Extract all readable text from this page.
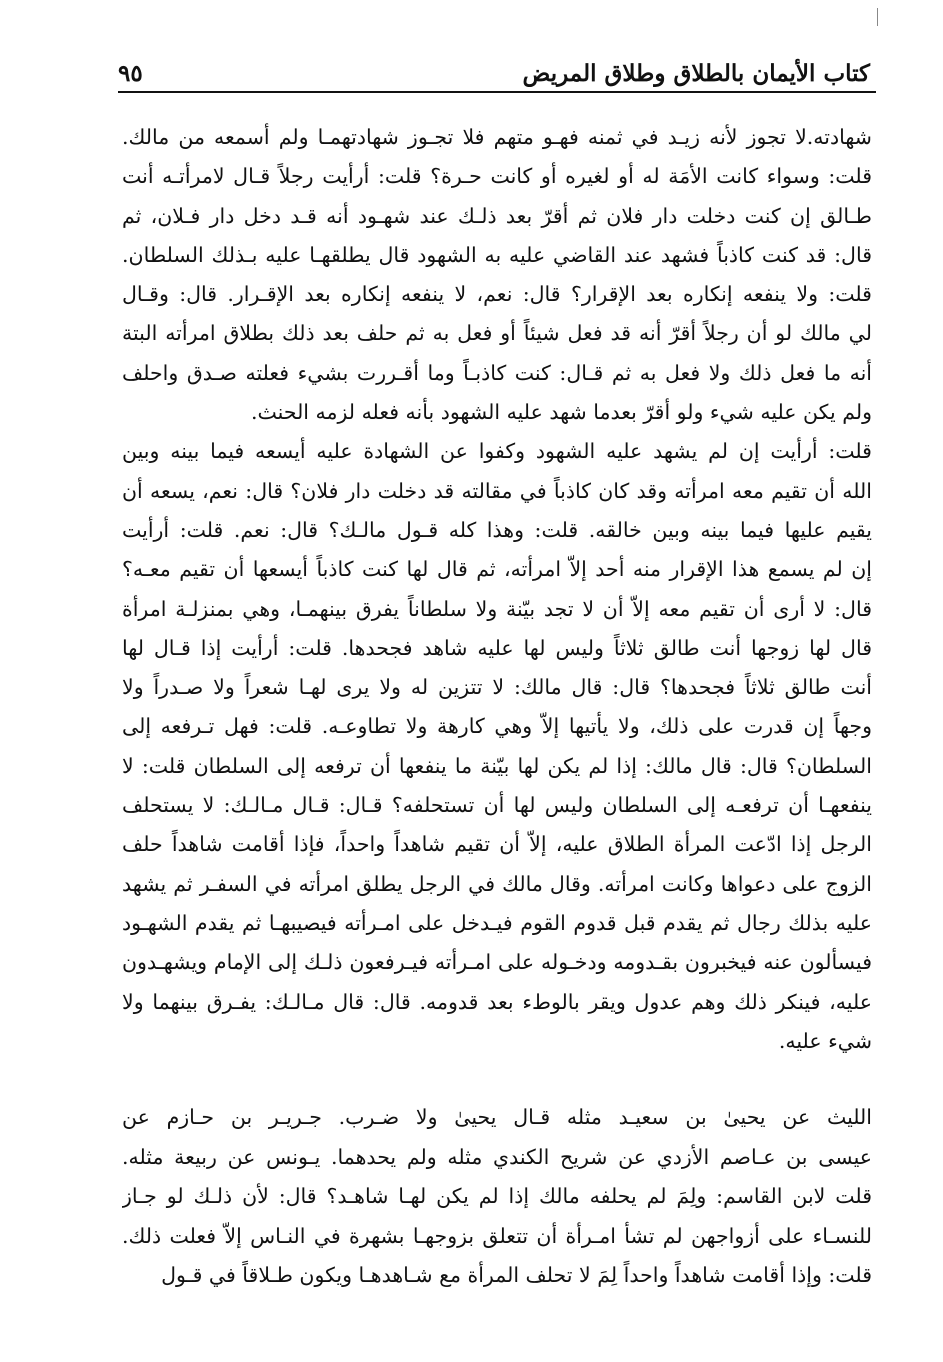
كتاب الأيمان بالطلاق وطلاق المريض
٩٥
شهادته.لا تجوز لأنه زيـد في ثمنه فهـو متهم فلا تجـوز شهادتهمـا ولم أسمعه من مالك.
قلت: وسواء كانت الأمَة له أو لغيره أو كانت حـرة؟ قلت: أرأيت رجلاً قـال لامرأتـه أنت
طـالق إن كنت دخلت دار فلان ثم أقرّ بعد ذلـك عند شهـود أنه قـد دخل دار فـلان، ثم
قال: قد كنت كاذباً فشهد عند القاضي عليه به الشهود قال يطلقهـا عليه بـذلك السلطان.
قلت: ولا ينفعه إنكاره بعد الإقرار؟ قال: نعم، لا ينفعه إنكاره بعد الإقـرار. قال: وقـال
لي مالك لو أن رجلاً أقرّ أنه قد فعل شيئاً أو فعل به ثم حلف بعد ذلك بطلاق امرأته البتة
أنه ما فعل ذلك ولا فعل به ثم قـال: كنت كاذبـاً وما أقـررت بشيء فعلته صـدق واحلف
ولم يكن عليه شيء ولو أقرّ بعدما شهد عليه الشهود بأنه فعله لزمه الحنث.
قلت: أرأيت إن لم يشهد عليه الشهود وكفوا عن الشهادة عليه أيسعه فيما بينه وبين
الله أن تقيم معه امرأته وقد كان كاذباً في مقالته قد دخلت دار فلان؟ قال: نعم، يسعه أن
يقيم عليها فيما بينه وبين خالقه. قلت: وهذا كله قـول مالـك؟ قال: نعم. قلت: أرأيت
إن لم يسمع هذا الإقرار منه أحد إلاّ امرأته، ثم قال لها كنت كاذباً أيسعها أن تقيم معـه؟
قال: لا أرى أن تقيم معه إلاّ أن لا تجد بيّنة ولا سلطاناً يفرق بينهمـا، وهي بمنزلـة امرأة
قال لها زوجها أنت طالق ثلاثاً وليس لها عليه شاهد فجحدها. قلت: أرأيت إذا قـال لها
أنت طالق ثلاثاً فجحدها؟ قال: قال مالك: لا تتزين له ولا يرى لهـا شعراً ولا صـدراً ولا
وجهاً إن قدرت على ذلك، ولا يأتيها إلاّ وهي كارهة ولا تطاوعـه. قلت: فهل تـرفعه إلى
السلطان؟ قال: قال مالك: إذا لم يكن لها بيّنة ما ينفعها أن ترفعه إلى السلطان قلت: لا
ينفعهـا أن ترفعـه إلى السلطان وليس لها أن تستحلفه؟ قـال: قـال مـالـك: لا يستحلف
الرجل إذا ادّعت المرأة الطلاق عليه، إلاّ أن تقيم شاهداً واحداً، فإذا أقامت شاهداً حلف
الزوج على دعواها وكانت امرأته. وقال مالك في الرجل يطلق امرأته في السفـر ثم يشهد
عليه بذلك رجال ثم يقدم قبل قدوم القوم فيـدخل على امـرأته فيصيبهـا ثم يقدم الشهـود
فيسألون عنه فيخبرون بقـدومه ودخـوله على امـرأته فيـرفعون ذلـك إلى الإمام ويشهـدون
عليه، فينكر ذلك وهم عدول ويقر بالوطء بعد قدومه. قال: قال مـالـك: يفـرق بينهما ولا
شيء عليه.
الليث عن يحيىٰ بن سعيـد مثله قـال يحيىٰ ولا ضـرب. جـريـر بن حـازم عن
عيسى بن عـاصم الأزدي عن شريح الكندي مثله ولم يحدهما. يـونس عن ربيعة مثله.
قلت لابن القاسم: ولِمَ لم يحلفه مالك إذا لم يكن لهـا شاهـد؟ قال: لأن ذلـك لو جـاز
للنسـاء على أزواجهن لم تشأ امـرأة أن تتعلق بزوجهـا بشهرة في النـاس إلاّ فعلت ذلك.
قلت: وإذا أقامت شاهداً واحداً لِمَ لا تحلف المرأة مع شـاهدهـا ويكون طـلاقاً في قـول
